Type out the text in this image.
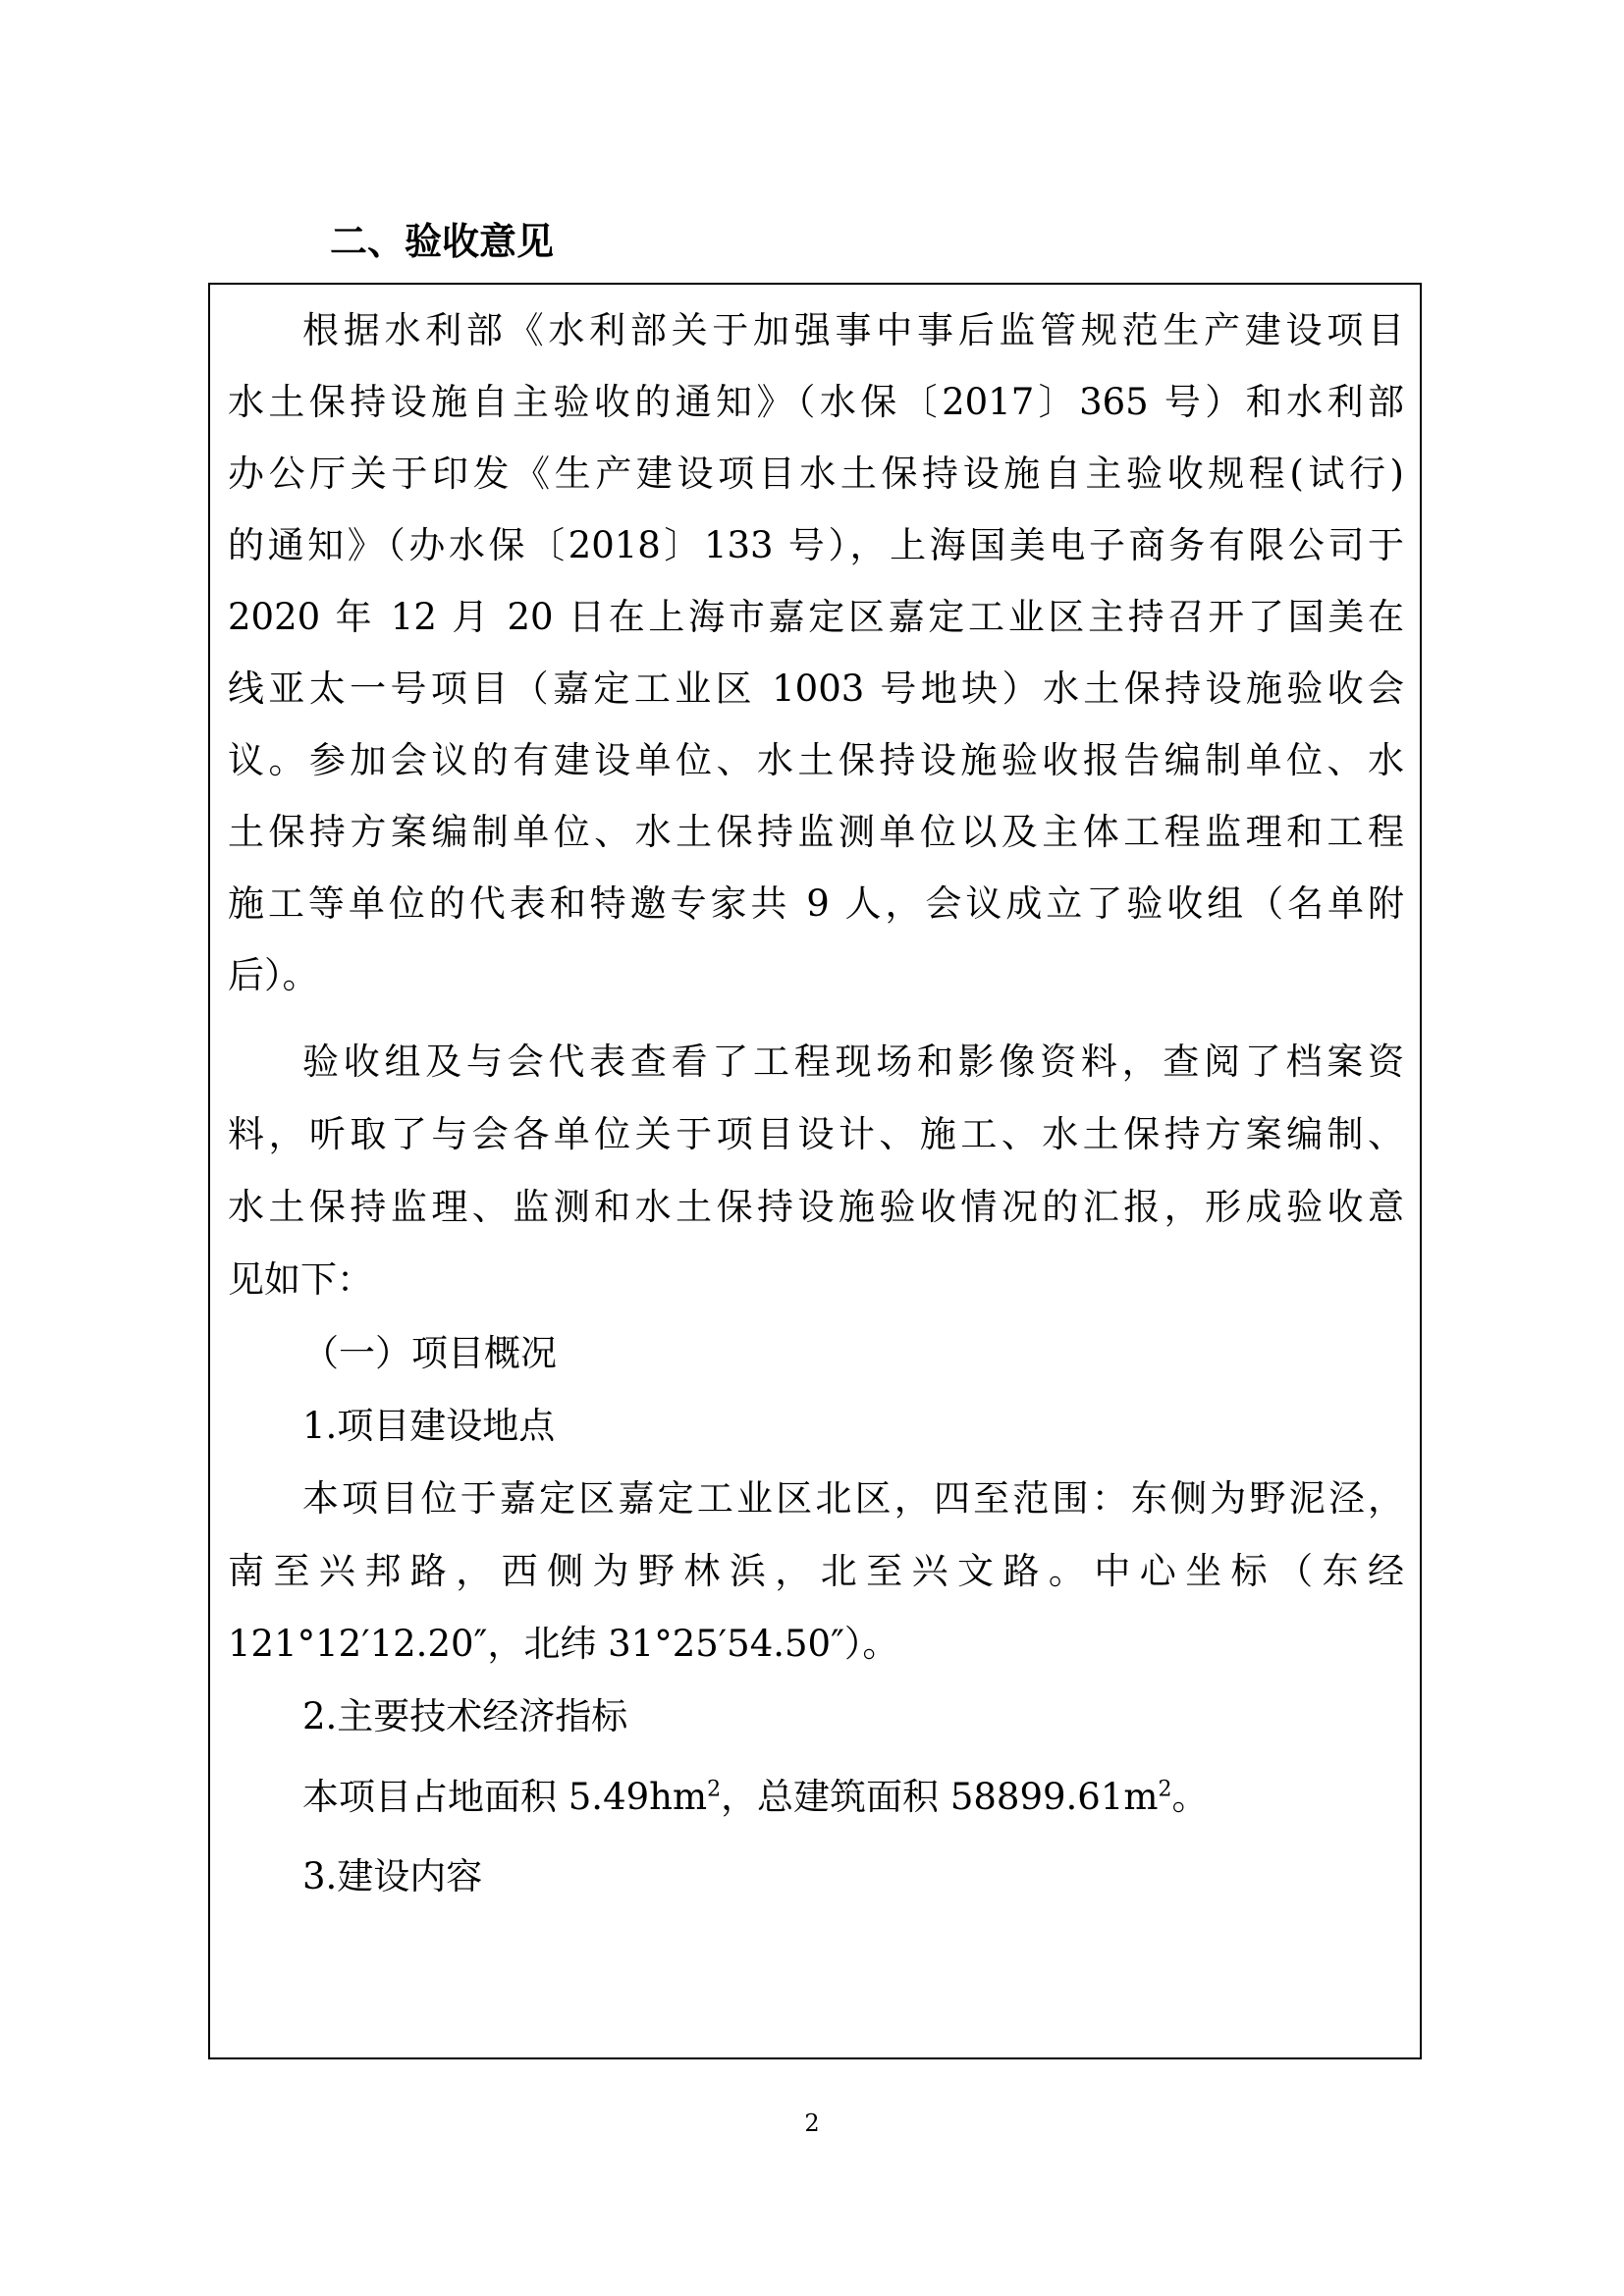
二、验收意见

根据水利部《水利部关于加强事中事后监管规范生产建设项目

水土保持设施自主验收的通知》（水保〔2017〕365 号）和水利部

办公厅关于印发《生产建设项目水土保持设施自主验收规程(试行)

的通知》（办水保〔2018〕133 号），上海国美电子商务有限公司于

2020 年 12 月 20 日在上海市嘉定区嘉定工业区主持召开了国美在

线亚太一号项目（嘉定工业区 1003 号地块）水土保持设施验收会

议。参加会议的有建设单位、水土保持设施验收报告编制单位、水

土保持方案编制单位、水土保持监测单位以及主体工程监理和工程

施工等单位的代表和特邀专家共 9 人，会议成立了验收组（名单附

后）。

验收组及与会代表查看了工程现场和影像资料，查阅了档案资

料，听取了与会各单位关于项目设计、施工、水土保持方案编制、

水土保持监理、监测和水土保持设施验收情况的汇报，形成验收意

见如下：

（一）项目概况

1.项目建设地点

本项目位于嘉定区嘉定工业区北区，四至范围：东侧为野泥泾，

南至兴邦路，西侧为野林浜，北至兴文路。中心坐标（东经

121°12′12.20″，北纬 31°25′54.50″）。

2.主要技术经济指标

本项目占地面积 $5.49hm^2$，总建筑面积 $58899.61m^2$。

3.建设内容

2
